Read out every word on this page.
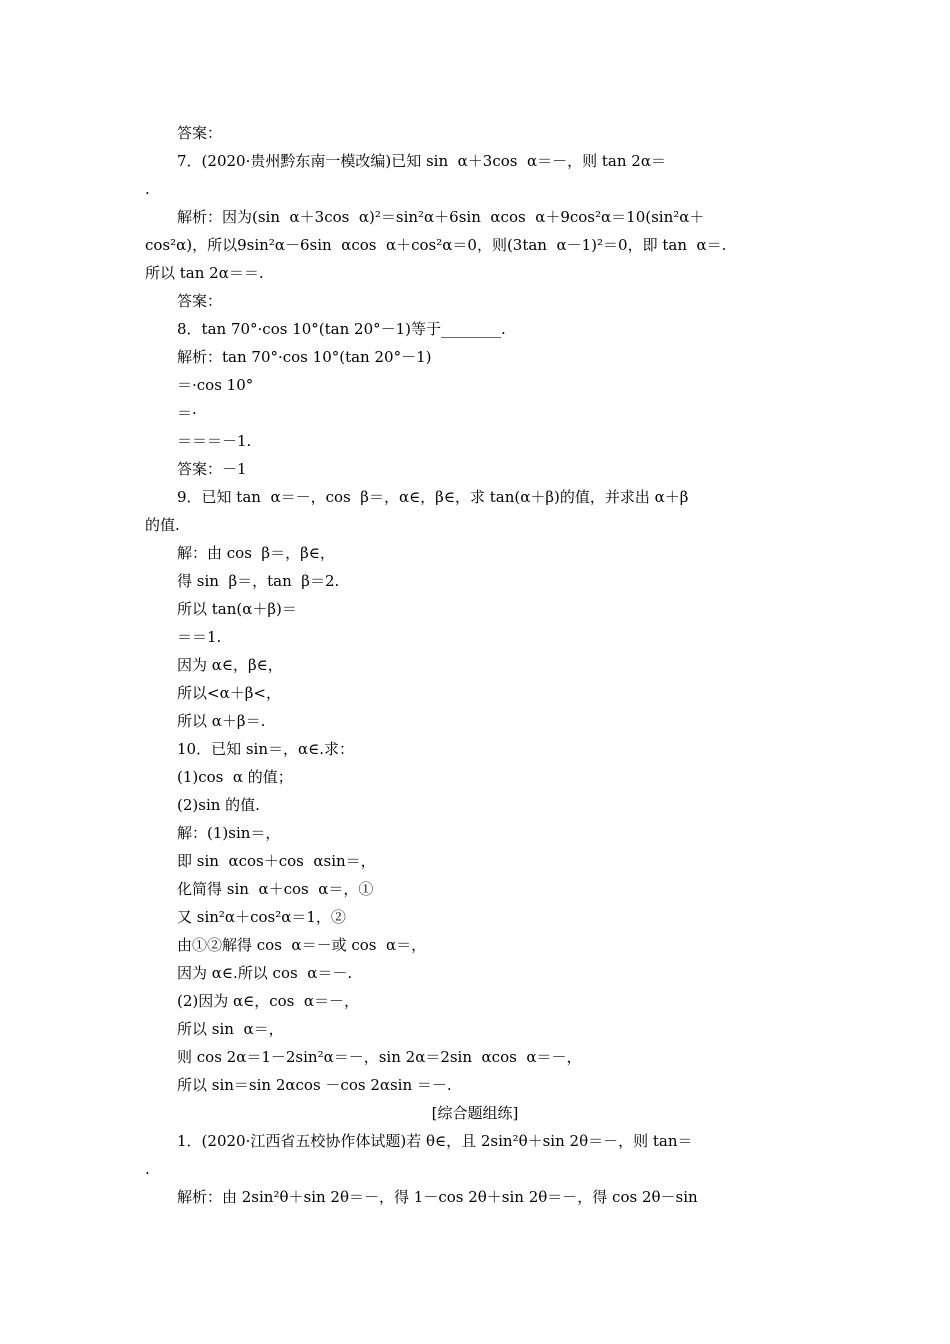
答案：
7．(2020·贵州黔东南一模改编)已知 sin  α＋3cos  α＝－，则 tan 2α＝
.
解析：因为(sin  α＋3cos  α)²＝sin²α＋6sin  αcos  α＋9cos²α＝10(sin²α＋
cos²α)，所以9sin²α－6sin  αcos  α＋cos²α＝0，则(3tan  α－1)²＝0，即 tan  α＝.
所以 tan 2α＝＝.
答案：
8．tan 70°·cos 10°(tan 20°－1)等于________.
解析：tan 70°·cos 10°(tan 20°－1)
＝·cos 10°
＝·
＝＝＝－1.
答案：－1
9．已知 tan  α＝－，cos  β＝，α∈，β∈，求 tan(α＋β)的值，并求出 α＋β
的值.
解：由 cos  β＝，β∈，
得 sin  β＝，tan  β＝2.
所以 tan(α＋β)＝
＝＝1.
因为 α∈，β∈，
所以<α＋β<，
所以 α＋β＝.
10．已知 sin＝，α∈.求：
(1)cos  α 的值；
(2)sin 的值.
解：(1)sin＝，
即 sin  αcos＋cos  αsin＝，
化简得 sin  α＋cos  α＝，①
又 sin²α＋cos²α＝1，②
由①②解得 cos  α＝－或 cos  α＝，
因为 α∈.所以 cos  α＝－.
(2)因为 α∈，cos  α＝－，
所以 sin  α＝，
则 cos 2α＝1－2sin²α＝－，sin 2α＝2sin  αcos  α＝－，
所以 sin＝sin 2αcos －cos 2αsin ＝－.
[综合题组练]
1．(2020·江西省五校协作体试题)若 θ∈，且 2sin²θ＋sin 2θ＝－，则 tan＝
.
解析：由 2sin²θ＋sin 2θ＝－，得 1－cos 2θ＋sin 2θ＝－，得 cos 2θ－sin
